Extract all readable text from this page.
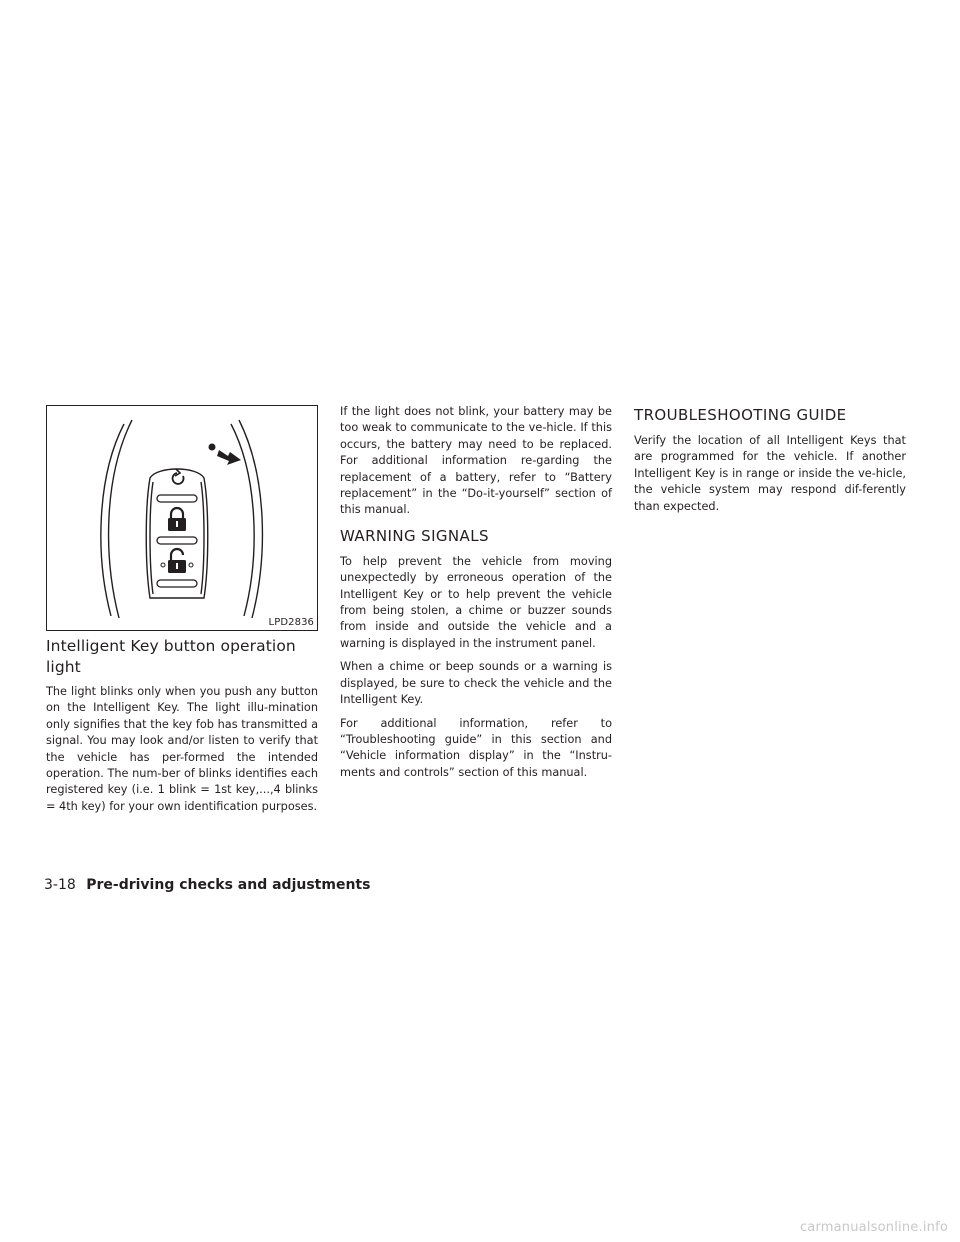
LPD2836
Intelligent Key button operation light

The light blinks only when you push any button on the Intelligent Key. The light illu-mination only signifies that the key fob has transmitted a signal. You may look and/or listen to verify that the vehicle has per-formed the intended operation. The num-ber of blinks identifies each registered key (i.e. 1 blink = 1st key,...,4 blinks = 4th key) for your own identification purposes.

If the light does not blink, your battery may be too weak to communicate to the ve-hicle. If this occurs, the battery may need to be replaced. For additional information re-garding the replacement of a battery, refer to “Battery replacement” in the “Do-it-yourself” section of this manual.

WARNING SIGNALS

To help prevent the vehicle from moving unexpectedly by erroneous operation of the Intelligent Key or to help prevent the vehicle from being stolen, a chime or buzzer sounds from inside and outside the vehicle and a warning is displayed in the instrument panel.

When a chime or beep sounds or a warning is displayed, be sure to check the vehicle and the Intelligent Key.

For additional information, refer to “Troubleshooting guide” in this section and “Vehicle information display” in the “Instru-ments and controls” section of this manual.

TROUBLESHOOTING GUIDE

Verify the location of all Intelligent Keys that are programmed for the vehicle. If another Intelligent Key is in range or inside the ve-hicle, the vehicle system may respond dif-ferently than expected.

3-18 Pre-driving checks and adjustments
carmanualsonline.info
